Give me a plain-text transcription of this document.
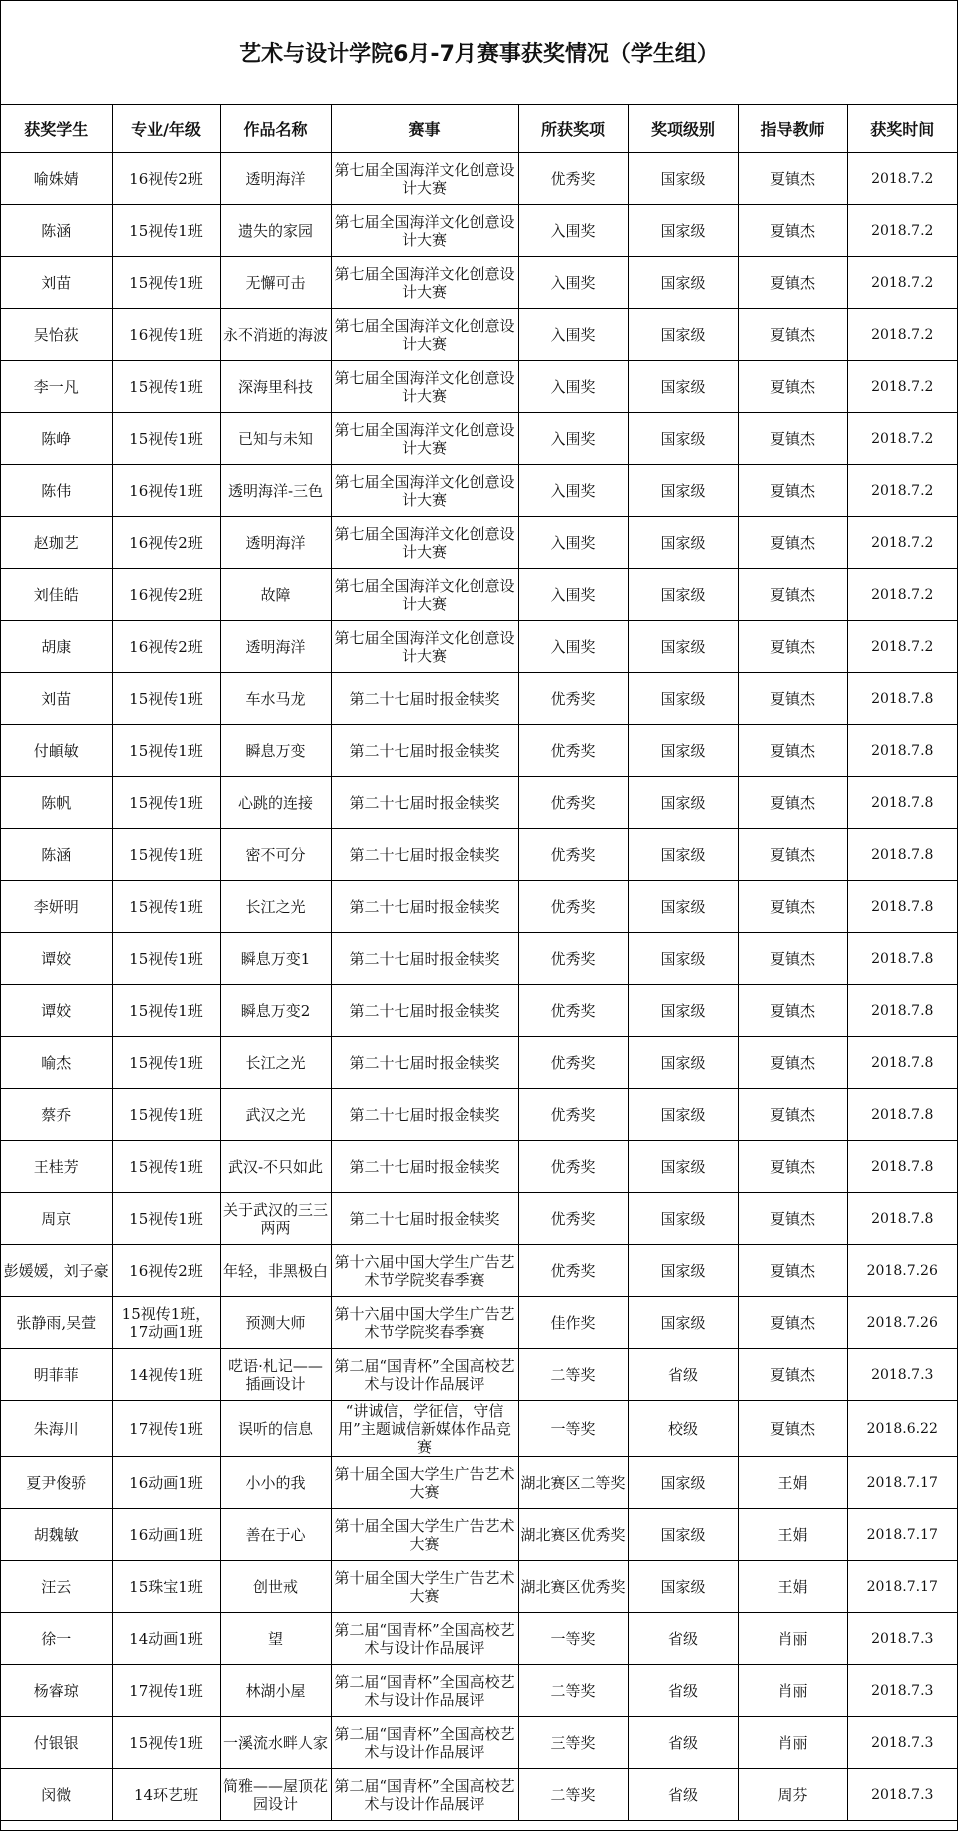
艺术与设计学院6月-7月赛事获奖情况（学生组）
获奖学生	专业/年级	作品名称	赛事	所获奖项	奖项级别	指导教师	获奖时间
喻姝婧	16视传2班	透明海洋	第七届全国海洋文化创意设计大赛	优秀奖	国家级	夏镇杰	2018.7.2
陈涵	15视传1班	遗失的家园	第七届全国海洋文化创意设计大赛	入围奖	国家级	夏镇杰	2018.7.2
刘苗	15视传1班	无懈可击	第七届全国海洋文化创意设计大赛	入围奖	国家级	夏镇杰	2018.7.2
吴怡荻	16视传1班	永不消逝的海波	第七届全国海洋文化创意设计大赛	入围奖	国家级	夏镇杰	2018.7.2
李一凡	15视传1班	深海里科技	第七届全国海洋文化创意设计大赛	入围奖	国家级	夏镇杰	2018.7.2
陈峥	15视传1班	已知与未知	第七届全国海洋文化创意设计大赛	入围奖	国家级	夏镇杰	2018.7.2
陈伟	16视传1班	透明海洋-三色	第七届全国海洋文化创意设计大赛	入围奖	国家级	夏镇杰	2018.7.2
赵珈艺	16视传2班	透明海洋	第七届全国海洋文化创意设计大赛	入围奖	国家级	夏镇杰	2018.7.2
刘佳皓	16视传2班	故障	第七届全国海洋文化创意设计大赛	入围奖	国家级	夏镇杰	2018.7.2
胡康	16视传2班	透明海洋	第七届全国海洋文化创意设计大赛	入围奖	国家级	夏镇杰	2018.7.2
刘苗	15视传1班	车水马龙	第二十七届时报金犊奖	优秀奖	国家级	夏镇杰	2018.7.8
付頔敏	15视传1班	瞬息万变	第二十七届时报金犊奖	优秀奖	国家级	夏镇杰	2018.7.8
陈帆	15视传1班	心跳的连接	第二十七届时报金犊奖	优秀奖	国家级	夏镇杰	2018.7.8
陈涵	15视传1班	密不可分	第二十七届时报金犊奖	优秀奖	国家级	夏镇杰	2018.7.8
李妍明	15视传1班	长江之光	第二十七届时报金犊奖	优秀奖	国家级	夏镇杰	2018.7.8
谭姣	15视传1班	瞬息万变1	第二十七届时报金犊奖	优秀奖	国家级	夏镇杰	2018.7.8
谭姣	15视传1班	瞬息万变2	第二十七届时报金犊奖	优秀奖	国家级	夏镇杰	2018.7.8
喻杰	15视传1班	长江之光	第二十七届时报金犊奖	优秀奖	国家级	夏镇杰	2018.7.8
蔡乔	15视传1班	武汉之光	第二十七届时报金犊奖	优秀奖	国家级	夏镇杰	2018.7.8
王桂芳	15视传1班	武汉-不只如此	第二十七届时报金犊奖	优秀奖	国家级	夏镇杰	2018.7.8
周京	15视传1班	关于武汉的三三两两	第二十七届时报金犊奖	优秀奖	国家级	夏镇杰	2018.7.8
彭媛媛，刘子豪	16视传2班	年轻，非黑极白	第十六届中国大学生广告艺术节学院奖春季赛	优秀奖	国家级	夏镇杰	2018.7.26
张静雨,吴萱	15视传1班，17动画1班	预测大师	第十六届中国大学生广告艺术节学院奖春季赛	佳作奖	国家级	夏镇杰	2018.7.26
明菲菲	14视传1班	呓语·札记——插画设计	第二届“国青杯”全国高校艺术与设计作品展评	二等奖	省级	夏镇杰	2018.7.3
朱海川	17视传1班	误听的信息	“讲诚信，学征信，守信用”主题诚信新媒体作品竞赛	一等奖	校级	夏镇杰	2018.6.22
夏尹俊骄	16动画1班	小小的我	第十届全国大学生广告艺术大赛	湖北赛区二等奖	国家级	王娟	2018.7.17
胡魏敏	16动画1班	善在于心	第十届全国大学生广告艺术大赛	湖北赛区优秀奖	国家级	王娟	2018.7.17
汪云	15珠宝1班	创世戒	第十届全国大学生广告艺术大赛	湖北赛区优秀奖	国家级	王娟	2018.7.17
徐一	14动画1班	望	第二届“国青杯”全国高校艺术与设计作品展评	一等奖	省级	肖丽	2018.7.3
杨睿琼	17视传1班	林湖小屋	第二届“国青杯”全国高校艺术与设计作品展评	二等奖	省级	肖丽	2018.7.3
付银银	15视传1班	一溪流水畔人家	第二届“国青杯”全国高校艺术与设计作品展评	三等奖	省级	肖丽	2018.7.3
闵微	14环艺班	简雅——屋顶花园设计	第二届“国青杯”全国高校艺术与设计作品展评	二等奖	省级	周芬	2018.7.3
